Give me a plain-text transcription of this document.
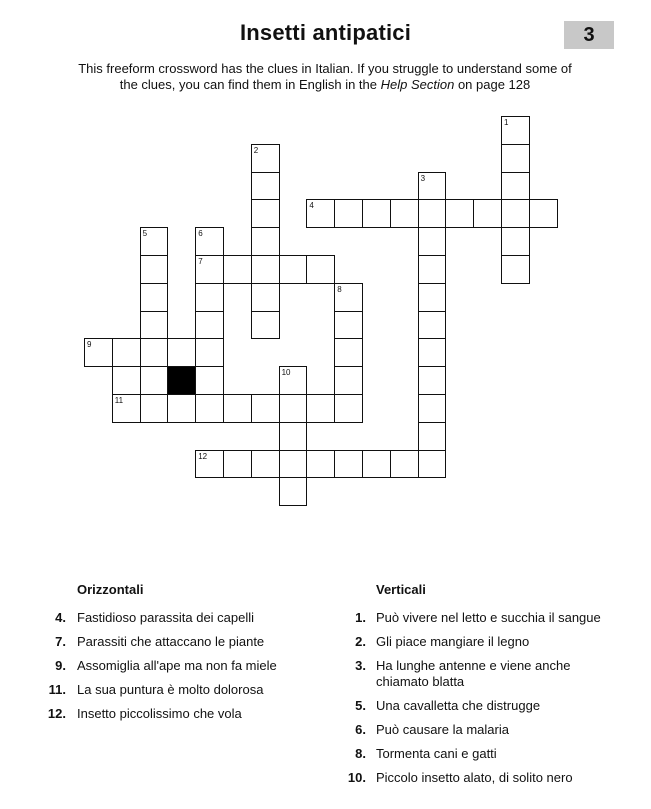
Insetti antipatici	3
This freeform crossword has the clues in Italian. If you struggle to understand some of
the clues, you can find them in English in the Help Section on page 128
1
2
3
4
5	6
7
8
9
10
11
12
Orizzontali
4. Fastidioso parassita dei capelli
7. Parassiti che attaccano le piante
9. Assomiglia all'ape ma non fa miele
11. La sua puntura è molto dolorosa
12. Insetto piccolissimo che vola
Verticali
1. Può vivere nel letto e succhia il sangue
2. Gli piace mangiare il legno
3. Ha lunghe antenne e viene anche chiamato blatta
5. Una cavalletta che distrugge
6. Può causare la malaria
8. Tormenta cani e gatti
10. Piccolo insetto alato, di solito nero
